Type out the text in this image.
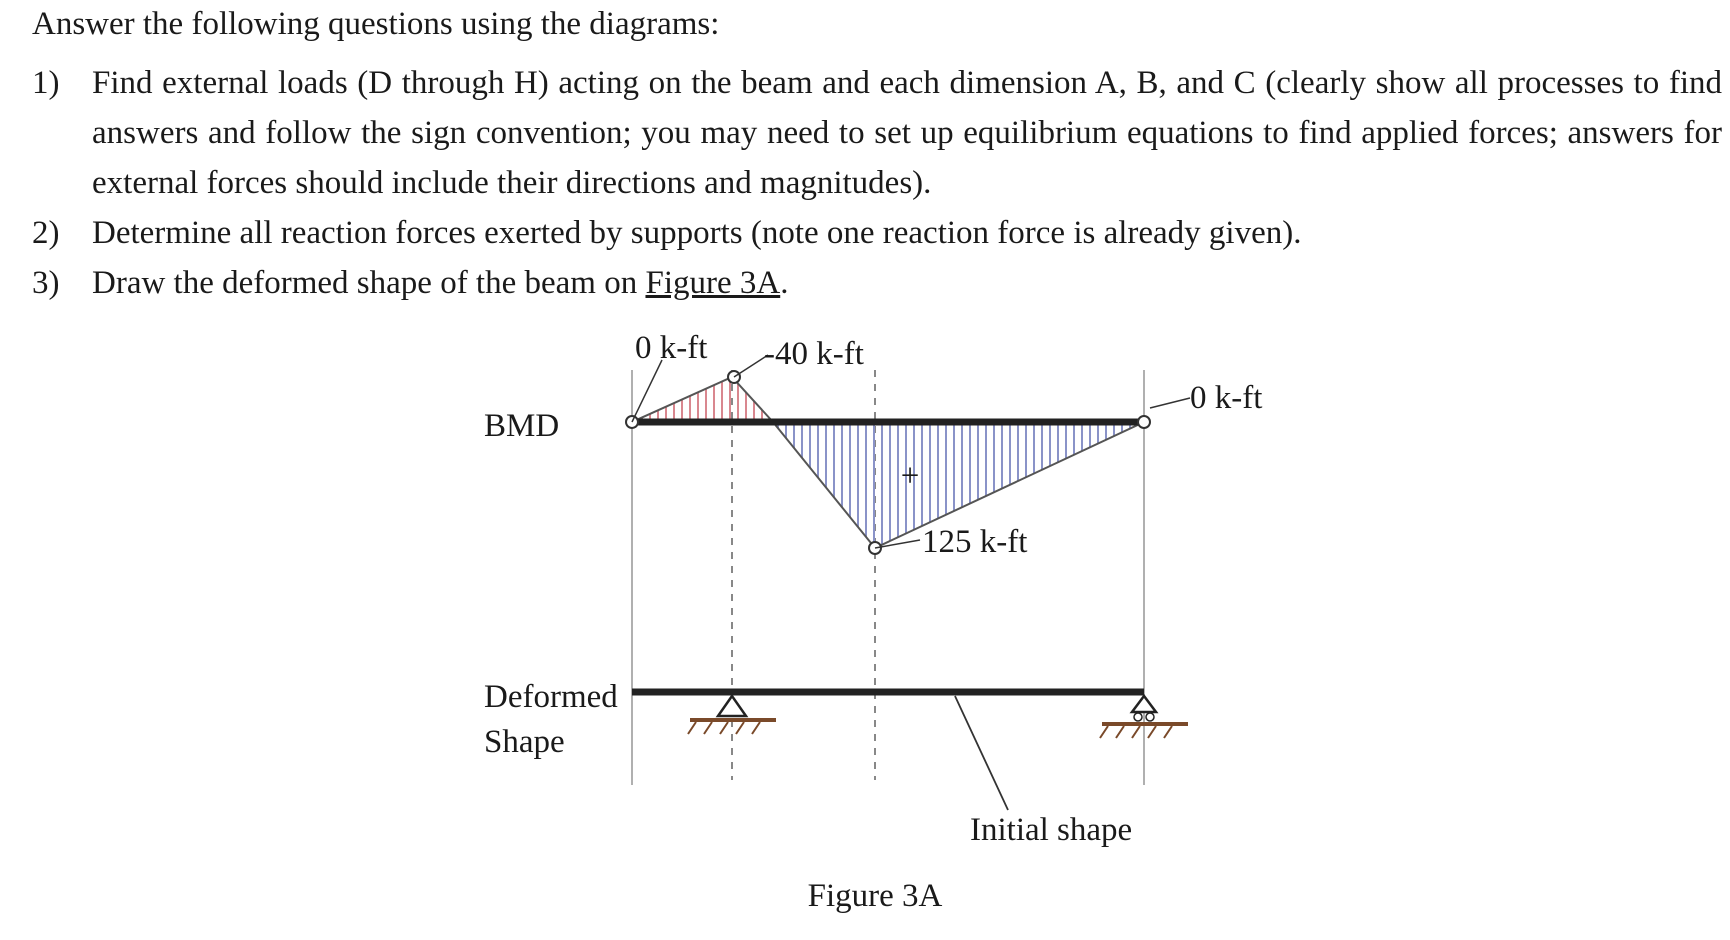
Answer the following questions using the diagrams:

1) Find external loads (D through H) acting on the beam and each dimension A, B, and C (clearly show all processes to find answers and follow the sign convention; you may need to set up equilibrium equations to find applied forces; answers for external forces should include their directions and magnitudes).
2) Determine all reaction forces exerted by supports (note one reaction force is already given).
3) Draw the deformed shape of the beam on Figure 3A.
0 k-ft -40 k-ft
125 k-ft
0 k-ft
+
BMD
Initial shape
Deformed
Shape
Figure 3A
